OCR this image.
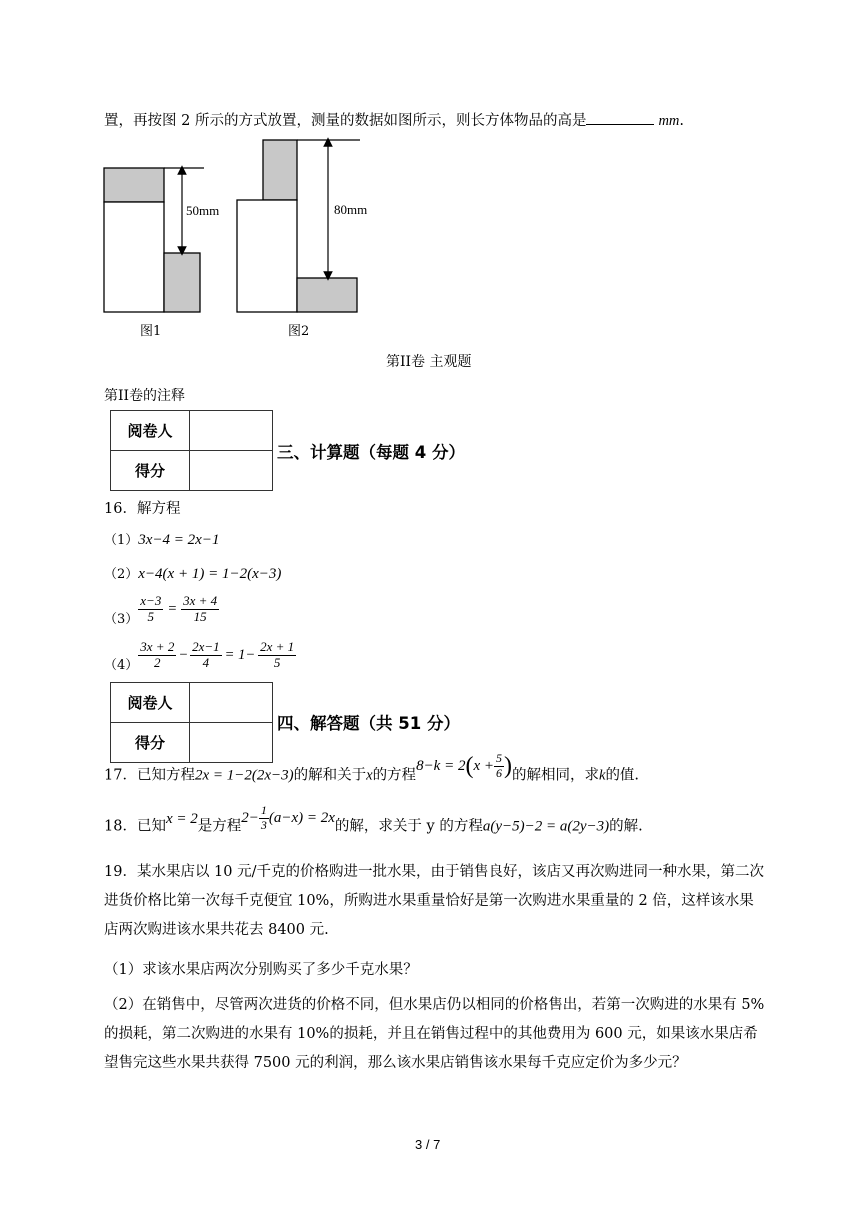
置，再按图 2 所示的方式放置，测量的数据如图所示，则长方体物品的高是	mm.
50mm
图1
80mm
图2
第II卷 主观题
第II卷的注释
阅卷人	
得分	
三、计算题（每题 4 分）
16．解方程
（1）3x−4 = 2x−1
（2）x−4(x + 1) = 1−2(x−3)
$(3) \frac{x-3}{5} = \frac{3x + 4}{15}$
$(4) \frac{3x + 2}{2} - \frac{2x-1}{4} = 1- \frac{2x + 1}{5}$
阅卷人	
得分	
四、解答题（共 51 分）
17．已知方程2x = 1−2(2x−3)的解和关于x的方程$8-k = 2(x + \frac{5}{6}$ )的解相同，求k的值.
18．已知x = 2是方程$2- \frac{1}{3} (a-x) = 2x$的解，求关于 y 的方程a(y−5)−2 = a(2y−3)的解.
19．某水果店以 10 元/千克的价格购进一批水果，由于销售良好，该店又再次购进同一种水果，第二次进货价格比第一次每千克便宜 10%，所购进水果重量恰好是第一次购进水果重量的 2 倍，这样该水果店两次购进该水果共花去 8400 元.
（1）求该水果店两次分别购买了多少千克水果？
（2）在销售中，尽管两次进货的价格不同，但水果店仍以相同的价格售出，若第一次购进的水果有 5%的损耗，第二次购进的水果有 10%的损耗，并且在销售过程中的其他费用为 600 元，如果该水果店希望售完这些水果共获得 7500 元的利润，那么该水果店销售该水果每千克应定价为多少元？
3 / 7
